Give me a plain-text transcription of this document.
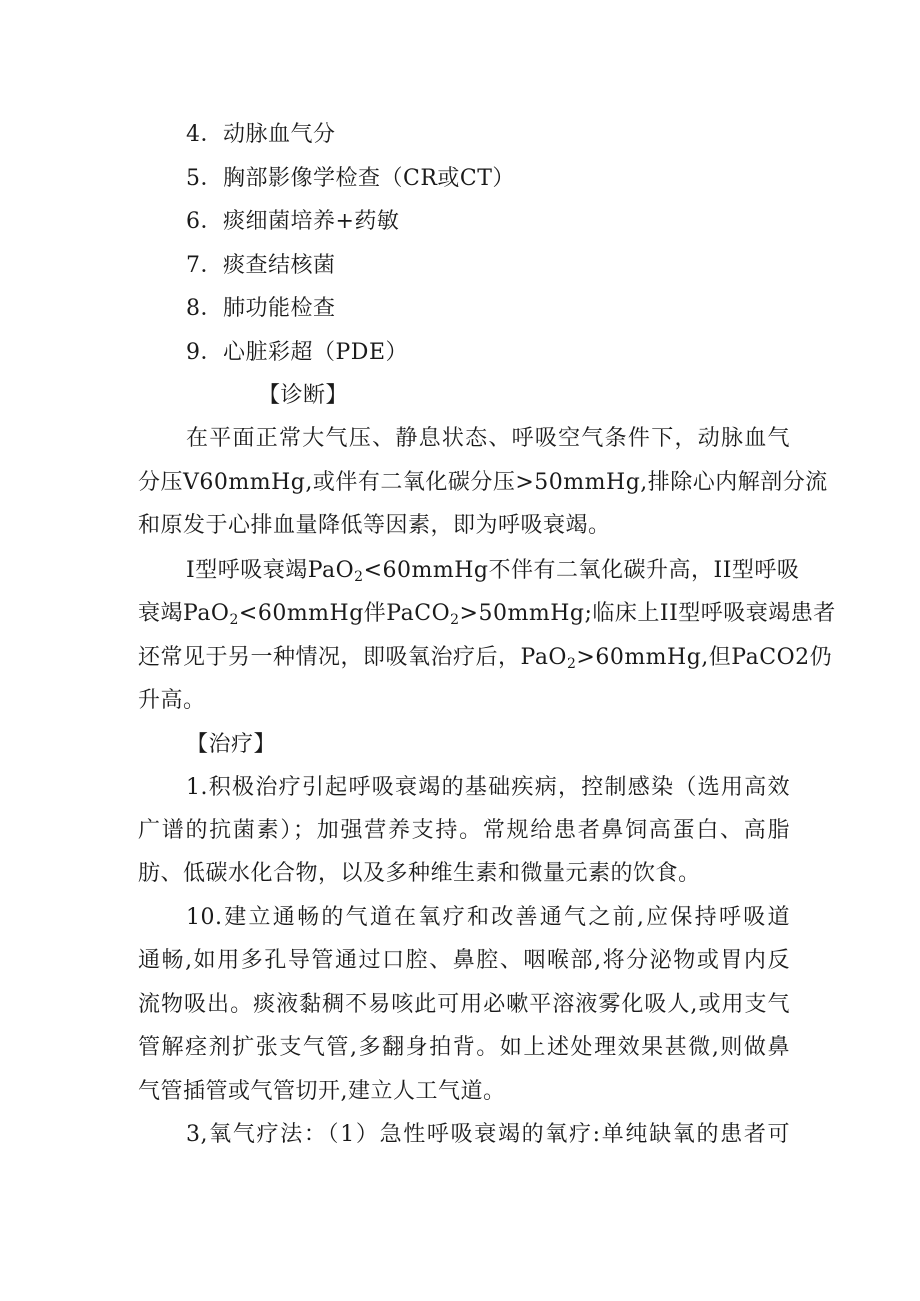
4．动脉血气分
5．胸部影像学检查（CR或CT）
6．痰细菌培养+药敏
7．痰查结核菌
8．肺功能检查
9．心脏彩超（PDE）
【诊断】
在平面正常大气压、静息状态、呼吸空气条件下，动脉血气
分压V60mmHg,或伴有二氧化碳分压>50mmHg,排除心内解剖分流
和原发于心排血量降低等因素，即为呼吸衰竭。
I型呼吸衰竭PaO$_2$<60mmHg不伴有二氧化碳升高，II型呼吸
衰竭PaO$_2$<60mmHg伴PaCO$_2$>50mmHg;临床上II型呼吸衰竭患者
还常见于另一种情况，即吸氧治疗后，PaO$_2$>60mmHg,但PaCO2仍
升高。
【治疗】
1.积极治疗引起呼吸衰竭的基础疾病，控制感染（选用高效
广谱的抗菌素）；加强营养支持。常规给患者鼻饲高蛋白、高脂
肪、低碳水化合物，以及多种维生素和微量元素的饮食。
10.建立通畅的气道在氧疗和改善通气之前,应保持呼吸道
通畅,如用多孔导管通过口腔、鼻腔、咽喉部,将分泌物或胃内反
流物吸出。痰液黏稠不易咳此可用必嗽平溶液雾化吸人,或用支气
管解痉剂扩张支气管,多翻身拍背。如上述处理效果甚微,则做鼻
气管插管或气管切开,建立人工气道。
3,氧气疗法：（1）急性呼吸衰竭的氧疗:单纯缺氧的患者可
